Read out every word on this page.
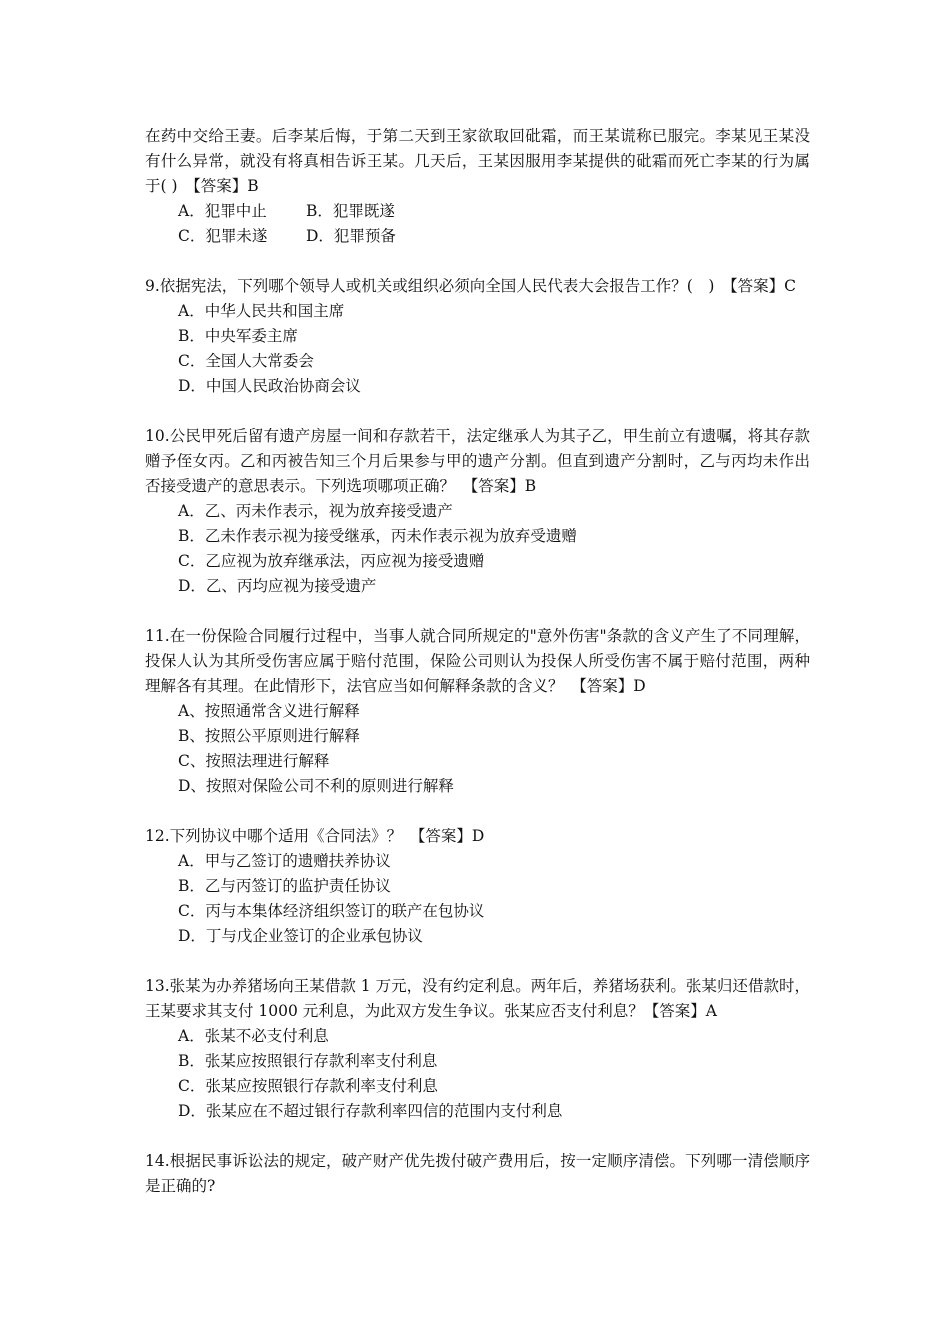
在药中交给王妻。后李某后悔，于第二天到王家欲取回砒霜，而王某谎称已服完。李某见王某没有什么异常，就没有将真相告诉王某。几天后，王某因服用李某提供的砒霜而死亡李某的行为属于( )　【答案】B

A．犯罪中止	B．犯罪既遂

C．犯罪未遂 D．犯罪预备

9.依据宪法，下列哪个领导人或机关或组织必须向全国人民代表大会报告工作？(　)　【答案】C

A．中华人民共和国主席

B．中央军委主席

C．全国人大常委会

D．中国人民政治协商会议

10.公民甲死后留有遗产房屋一间和存款若干，法定继承人为其子乙，甲生前立有遗嘱，将其存款赠予侄女丙。乙和丙被告知三个月后果参与甲的遗产分割。但直到遗产分割时，乙与丙均未作出否接受遗产的意思表示。下列选项哪项正确？　【答案】B

A．乙、丙未作表示，视为放弃接受遗产

B．乙未作表示视为接受继承，丙未作表示视为放弃受遗赠

C．乙应视为放弃继承法，丙应视为接受遗赠

D．乙、丙均应视为接受遗产

11.在一份保险合同履行过程中，当事人就合同所规定的"意外伤害"条款的含义产生了不同理解，投保人认为其所受伤害应属于赔付范围，保险公司则认为投保人所受伤害不属于赔付范围，两种理解各有其理。在此情形下，法官应当如何解释条款的含义？　【答案】D

A、按照通常含义进行解释

B、按照公平原则进行解释

C、按照法理进行解释

D、按照对保险公司不利的原则进行解释

12.下列协议中哪个适用《合同法》？　【答案】D

A．甲与乙签订的遗赠扶养协议

B．乙与丙签订的监护责任协议

C．丙与本集体经济组织签订的联产在包协议

D．丁与戊企业签订的企业承包协议

13.张某为办养猪场向王某借款 1 万元，没有约定利息。两年后，养猪场获利。张某归还借款时，王某要求其支付 1000 元利息，为此双方发生争议。张某应否支付利息？【答案】A

A．张某不必支付利息

B．张某应按照银行存款利率支付利息

C．张某应按照银行存款利率支付利息

D．张某应在不超过银行存款利率四信的范围内支付利息

14.根据民事诉讼法的规定，破产财产优先拨付破产费用后，按一定顺序清偿。下列哪一清偿顺序是正确的?
